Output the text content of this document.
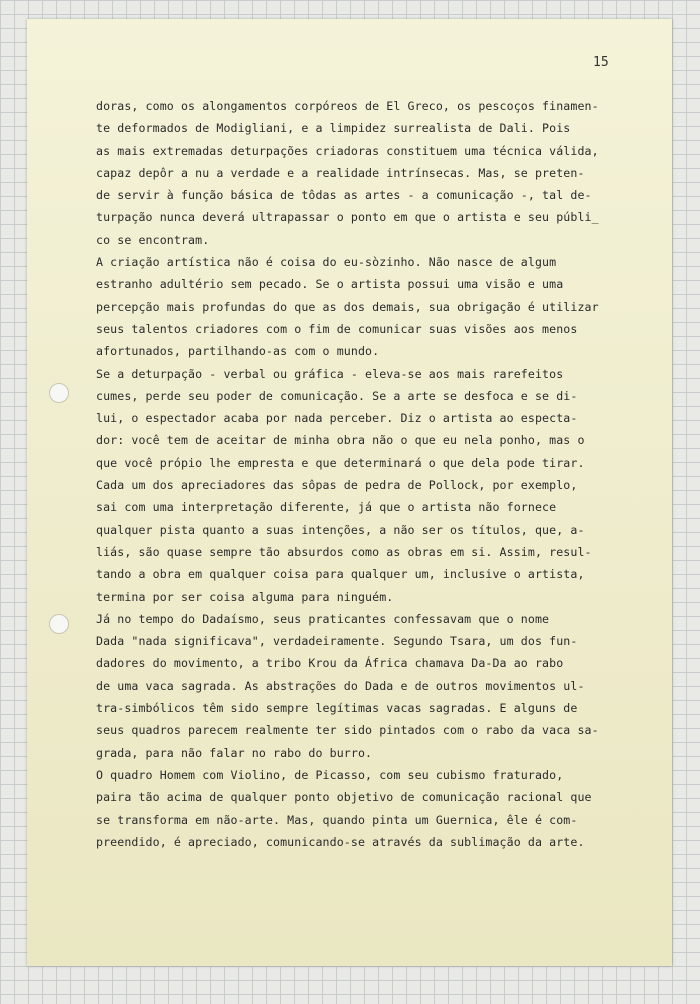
15
doras, como os alongamentos corpóreos de El Greco, os pescoços finamen-
te deformados de Modigliani, e a limpidez surrealista de Dali. Pois
as mais extremadas deturpações criadoras constituem uma técnica válida,
capaz depôr a nu a verdade e a realidade intrínsecas. Mas, se preten-
de servir à função básica de tôdas as artes - a comunicação -, tal de-
turpação nunca deverá ultrapassar o ponto em que o artista e seu públi_
co se encontram.
A criação artística não é coisa do eu-sòzinho. Não nasce de algum
estranho adultério sem pecado. Se o artista possui uma visão e uma
percepção mais profundas do que as dos demais, sua obrigação é utilizar
seus talentos criadores com o fim de comunicar suas visões aos menos
afortunados, partilhando-as com o mundo.
Se a deturpação - verbal ou gráfica - eleva-se aos mais rarefeitos
cumes, perde seu poder de comunicação. Se a arte se desfoca e se di-
lui, o espectador acaba por nada perceber. Diz o artista ao especta-
dor: você tem de aceitar de minha obra não o que eu nela ponho, mas o
que você própio lhe empresta e que determinará o que dela pode tirar.
Cada um dos apreciadores das sôpas de pedra de Pollock, por exemplo,
sai com uma interpretação diferente, já que o artista não fornece
qualquer pista quanto a suas intenções, a não ser os títulos, que, a-
liás, são quase sempre tão absurdos como as obras em si. Assim, resul-
tando a obra em qualquer coisa para qualquer um, inclusive o artista,
termina por ser coisa alguma para ninguém.
Já no tempo do Dadaísmo, seus praticantes confessavam que o nome
Dada "nada significava", verdadeiramente. Segundo Tsara, um dos fun-
dadores do movimento, a tribo Krou da África chamava Da-Da ao rabo
de uma vaca sagrada. As abstrações do Dada e de outros movimentos ul-
tra-simbólicos têm sido sempre legítimas vacas sagradas. E alguns de
seus quadros parecem realmente ter sido pintados com o rabo da vaca sa-
grada, para não falar no rabo do burro.
O quadro Homem com Violino, de Picasso, com seu cubismo fraturado,
paira tão acima de qualquer ponto objetivo de comunicação racional que
se transforma em não-arte. Mas, quando pinta um Guernica, êle é com-
preendido, é apreciado, comunicando-se através da sublimação da arte.
